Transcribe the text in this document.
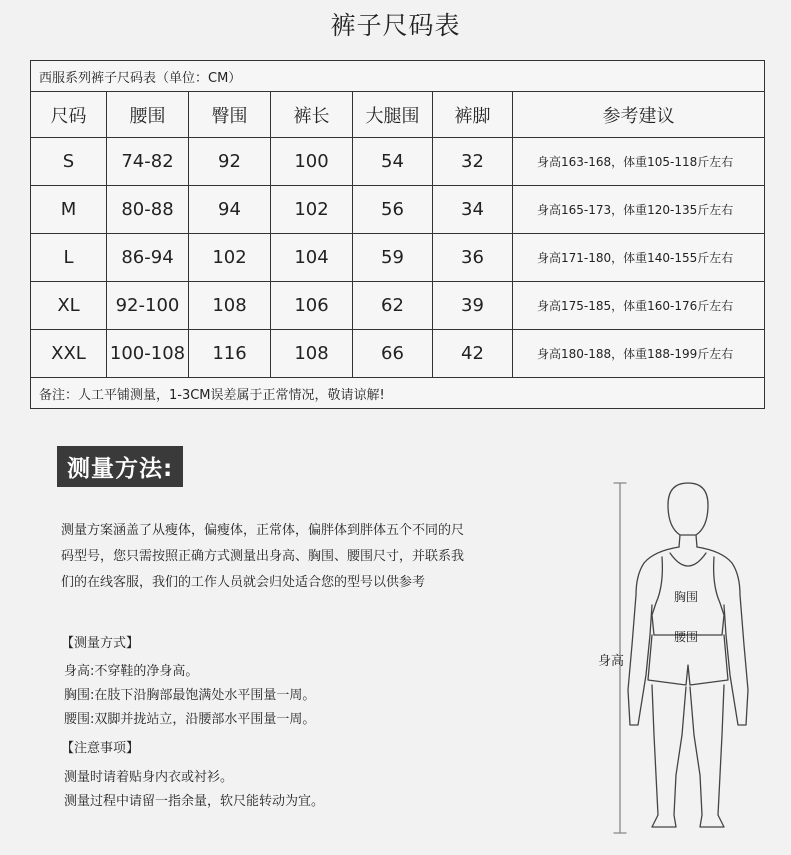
裤子尺码表
西服系列裤子尺码表（单位：CM）						
尺码	腰围	臀围	裤长	大腿围	裤脚	参考建议
S	74-82	92	100	54	32	身高163-168，体重105-118斤左右
M	80-88	94	102	56	34	身高165-173，体重120-135斤左右
L	86-94	102	104	59	36	身高171-180，体重140-155斤左右
XL	92-100	108	106	62	39	身高175-185，体重160-176斤左右
XXL	100-108	116	108	66	42	身高180-188，体重188-199斤左右
备注：人工平铺测量，1-3CM误差属于正常情况，敬请谅解!						
测量方法:
测量方案涵盖了从瘦体，偏瘦体，正常体，偏胖体到胖体五个不同的尺
码型号，您只需按照正确方式测量出身高、胸围、腰围尺寸，并联系我
们的在线客服，我们的工作人员就会归处适合您的型号以供参考
【测量方式】
身高:不穿鞋的净身高。
胸围:在肢下沿胸部最饱满处水平围量一周。
腰围:双脚并拢站立，沿腰部水平围量一周。
【注意事项】
测量时请着贴身内衣或衬衫。
测量过程中请留一指余量，软尺能转动为宜。
胸围
腰围
身高
